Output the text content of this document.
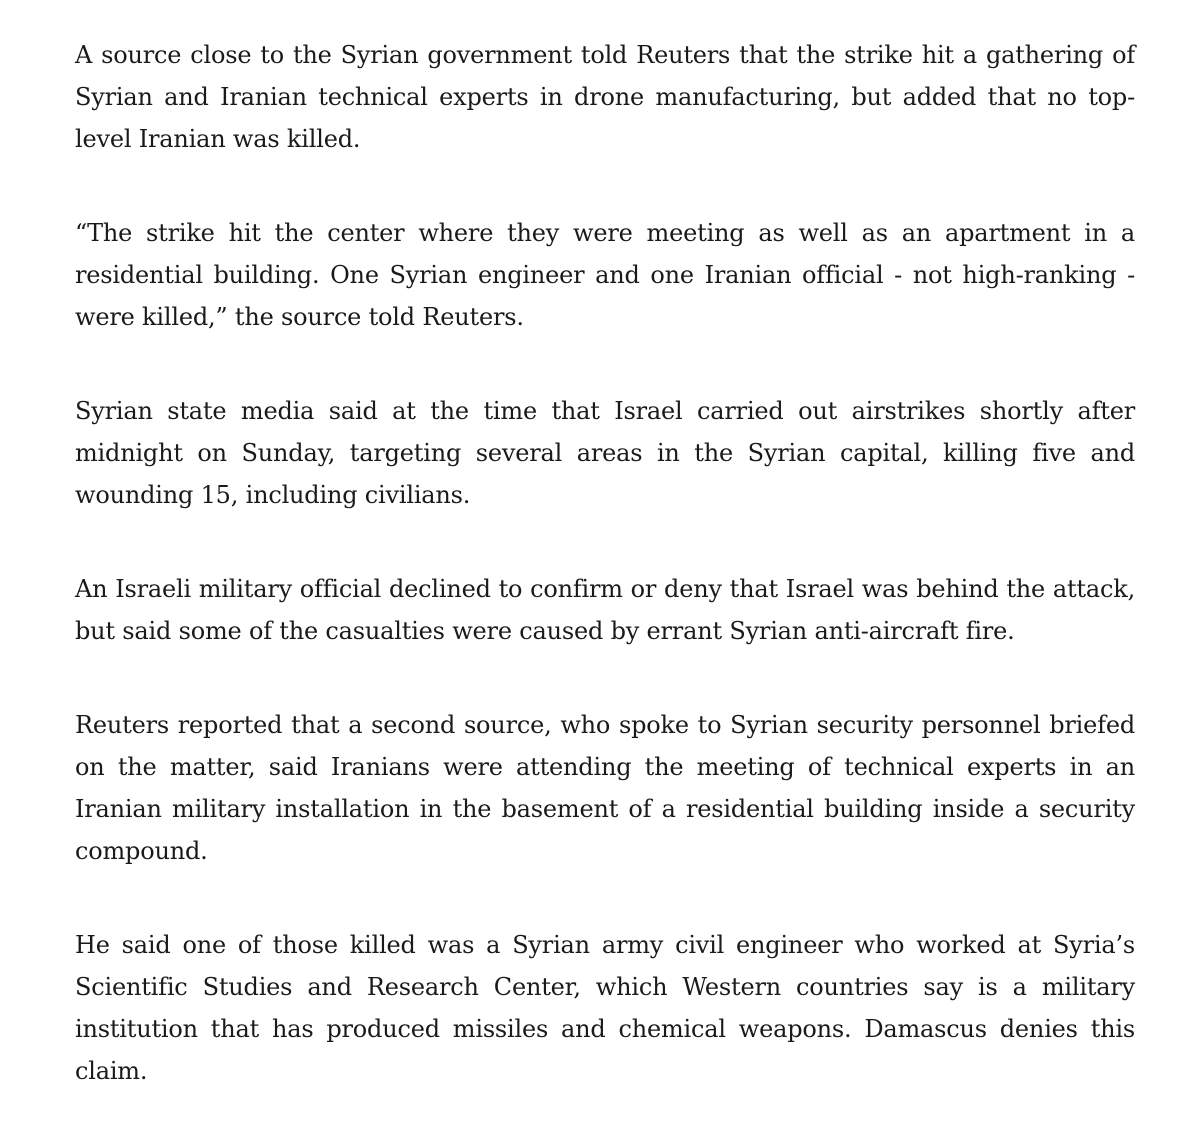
A source close to the Syrian government told Reuters that the strike hit a gathering of Syrian and Iranian technical experts in drone manufacturing, but added that no top-level Iranian was killed.

“The strike hit the center where they were meeting as well as an apartment in a residential building. One Syrian engineer and one Iranian official - not high-ranking - were killed,” the source told Reuters.

Syrian state media said at the time that Israel carried out airstrikes shortly after midnight on Sunday, targeting several areas in the Syrian capital, killing five and wounding 15, including civilians.

An Israeli military official declined to confirm or deny that Israel was behind the attack, but said some of the casualties were caused by errant Syrian anti-aircraft fire.

Reuters reported that a second source, who spoke to Syrian security personnel briefed on the matter, said Iranians were attending the meeting of technical experts in an Iranian military installation in the basement of a residential building inside a security compound.

He said one of those killed was a Syrian army civil engineer who worked at Syria’s Scientific Studies and Research Center, which Western countries say is a military institution that has produced missiles and chemical weapons. Damascus denies this claim.
